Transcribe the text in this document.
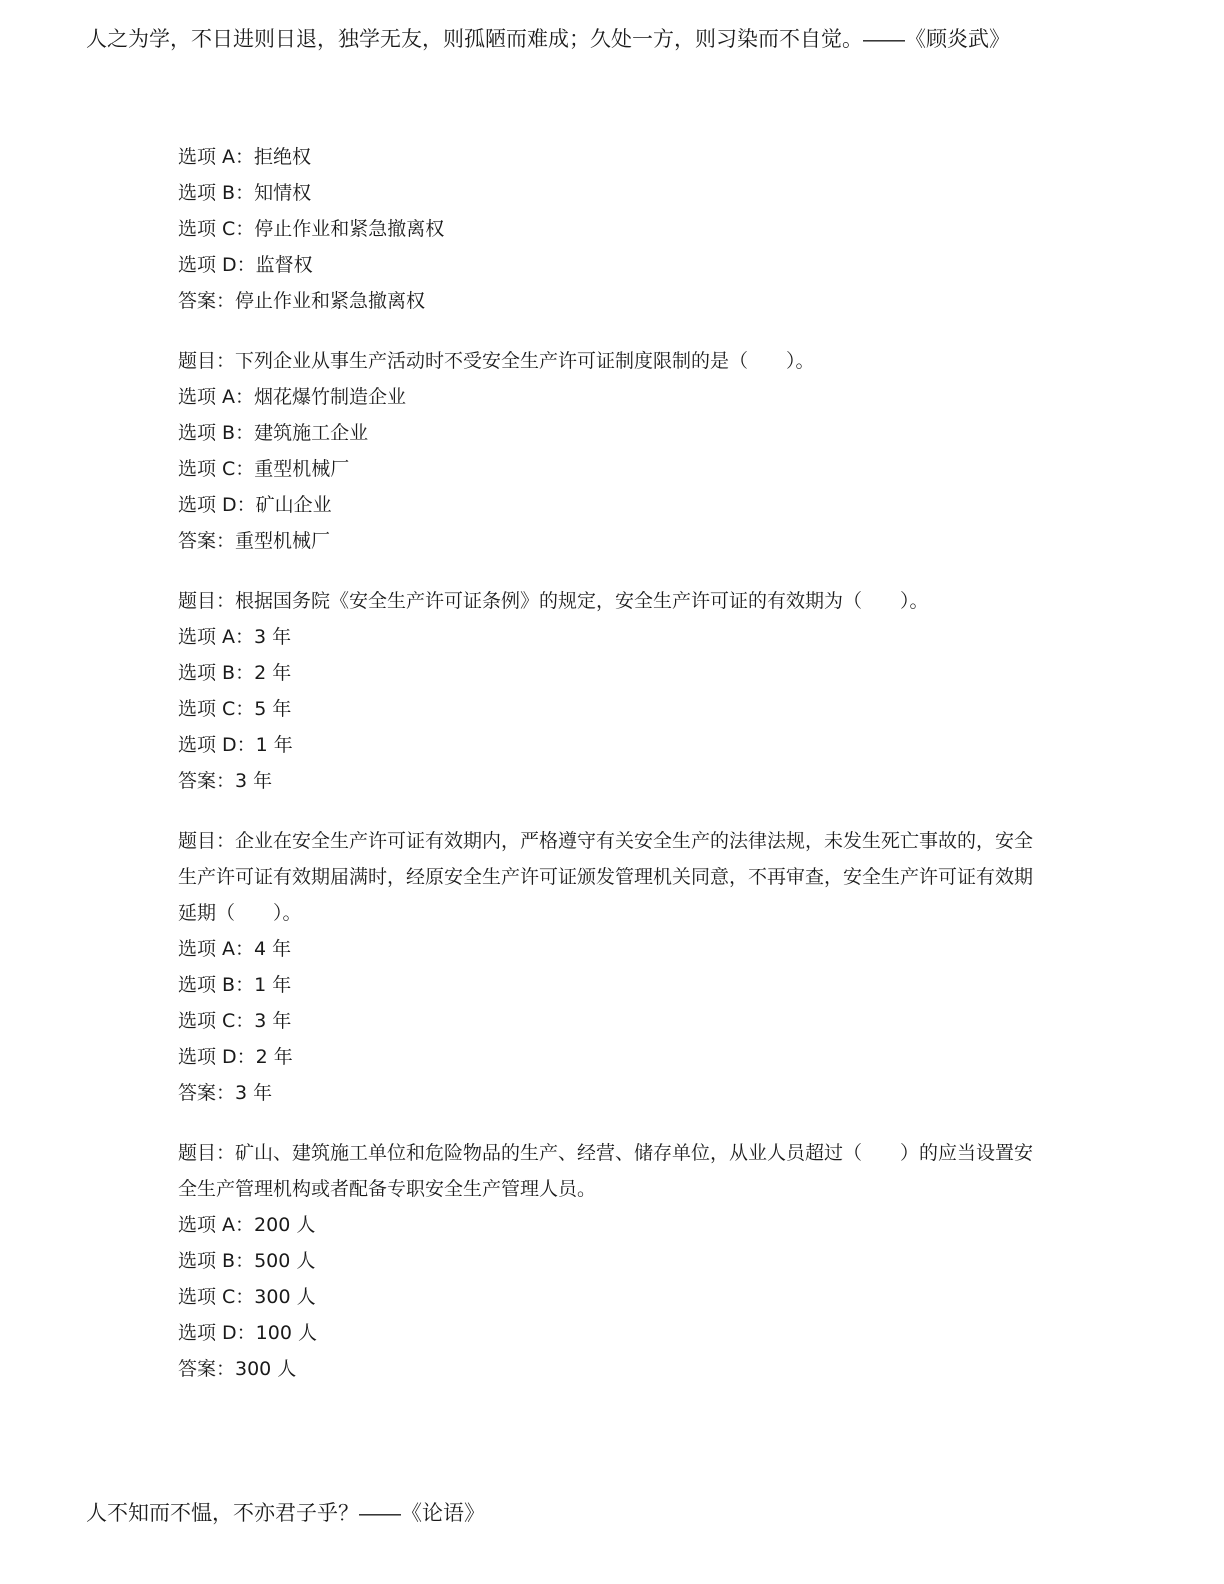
人之为学，不日进则日退，独学无友，则孤陋而难成；久处一方，则习染而不自觉。——《顾炎武》
选项 A：拒绝权
选项 B：知情权
选项 C：停止作业和紧急撤离权
选项 D：监督权
答案：停止作业和紧急撤离权
题目：下列企业从事生产活动时不受安全生产许可证制度限制的是（　　）。
选项 A：烟花爆竹制造企业
选项 B：建筑施工企业
选项 C：重型机械厂
选项 D：矿山企业
答案：重型机械厂
题目：根据国务院《安全生产许可证条例》的规定，安全生产许可证的有效期为（　　）。
选项 A：3 年
选项 B：2 年
选项 C：5 年
选项 D：1 年
答案：3 年
题目：企业在安全生产许可证有效期内，严格遵守有关安全生产的法律法规，未发生死亡事故的，安全生产许可证有效期届满时，经原安全生产许可证颁发管理机关同意，不再审查，安全生产许可证有效期延期（　　）。
选项 A：4 年
选项 B：1 年
选项 C：3 年
选项 D：2 年
答案：3 年
题目：矿山、建筑施工单位和危险物品的生产、经营、储存单位，从业人员超过（　　）的应当设置安全生产管理机构或者配备专职安全生产管理人员。
选项 A：200 人
选项 B：500 人
选项 C：300 人
选项 D：100 人
答案：300 人
人不知而不愠，不亦君子乎？——《论语》
